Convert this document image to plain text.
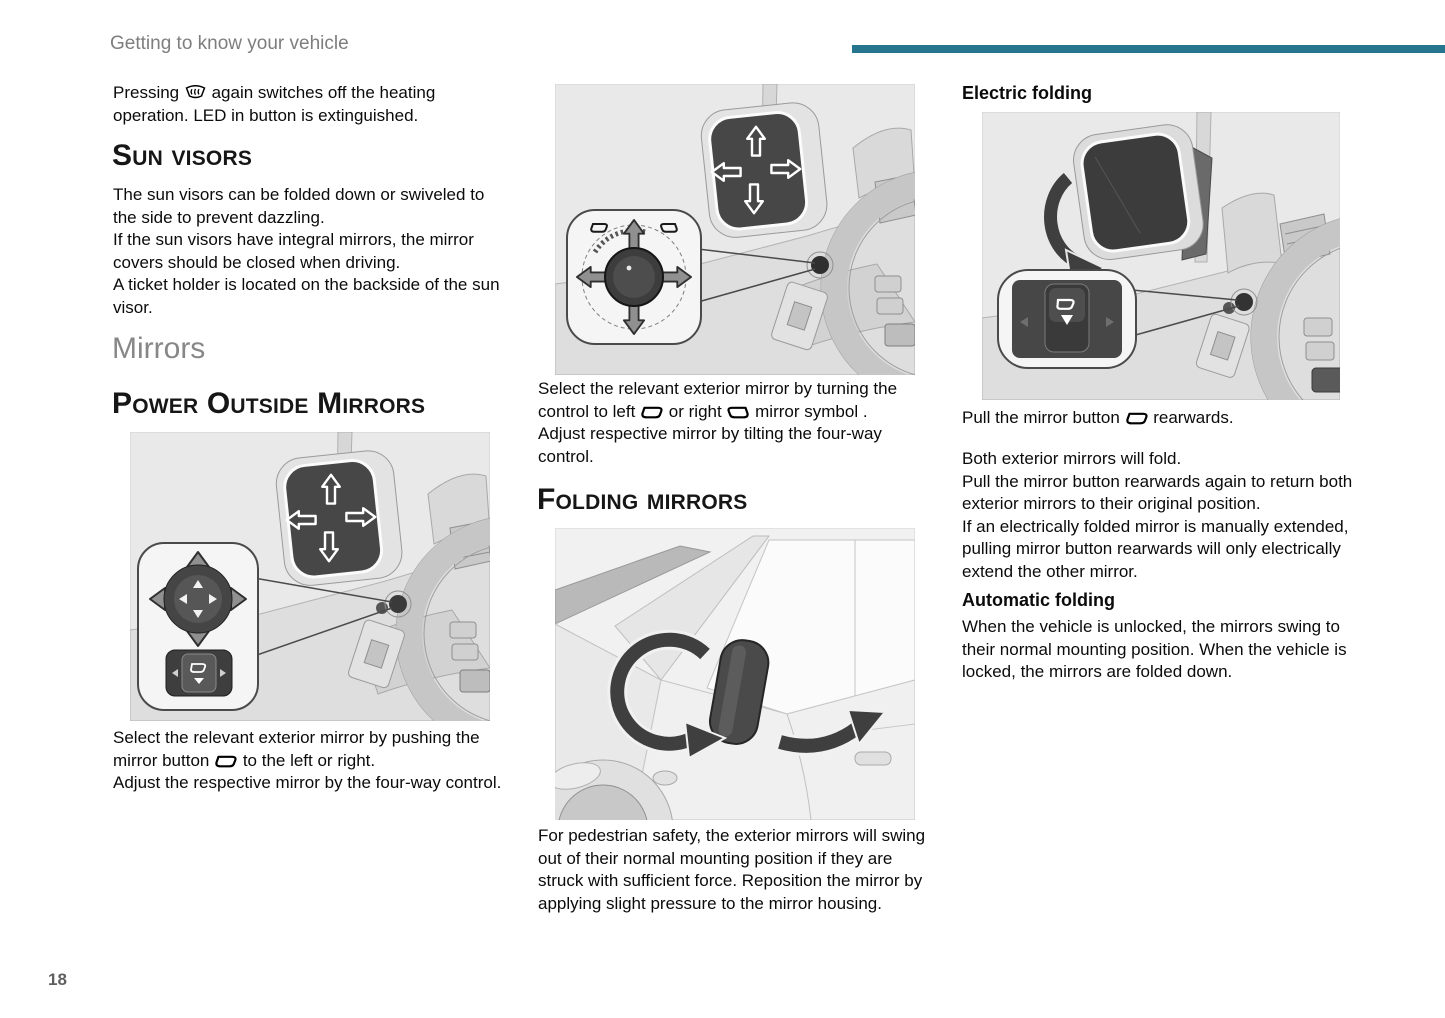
Getting to know your vehicle
Pressing  again switches off the heating operation. LED in button is extinguished.
Sun visors
The sun visors can be folded down or swiveled to the side to prevent dazzling.
If the sun visors have integral mirrors, the mirror covers should be closed when driving.
A ticket holder is located on the backside of the sun visor.
Mirrors
Power Outside Mirrors
Select the relevant exterior mirror by pushing the mirror button  to the left or right.
Adjust the respective mirror by the four-way control.
Select the relevant exterior mirror by turning the control to left  or right  mirror symbol .
Adjust respective mirror by tilting the four-way control.
Folding mirrors
For pedestrian safety, the exterior mirrors will swing out of their normal mounting position if they are struck with sufficient force. Reposition the mirror by applying slight pressure to the mirror housing.
Electric folding
Pull the mirror button  rearwards.
Both exterior mirrors will fold.
Pull the mirror button rearwards again to return both exterior mirrors to their original position.
If an electrically folded mirror is manually extended, pulling mirror button rearwards will only electrically extend the other mirror.
Automatic folding
When the vehicle is unlocked, the mirrors swing to their normal mounting position. When the vehicle is locked, the mirrors are folded down.
18
